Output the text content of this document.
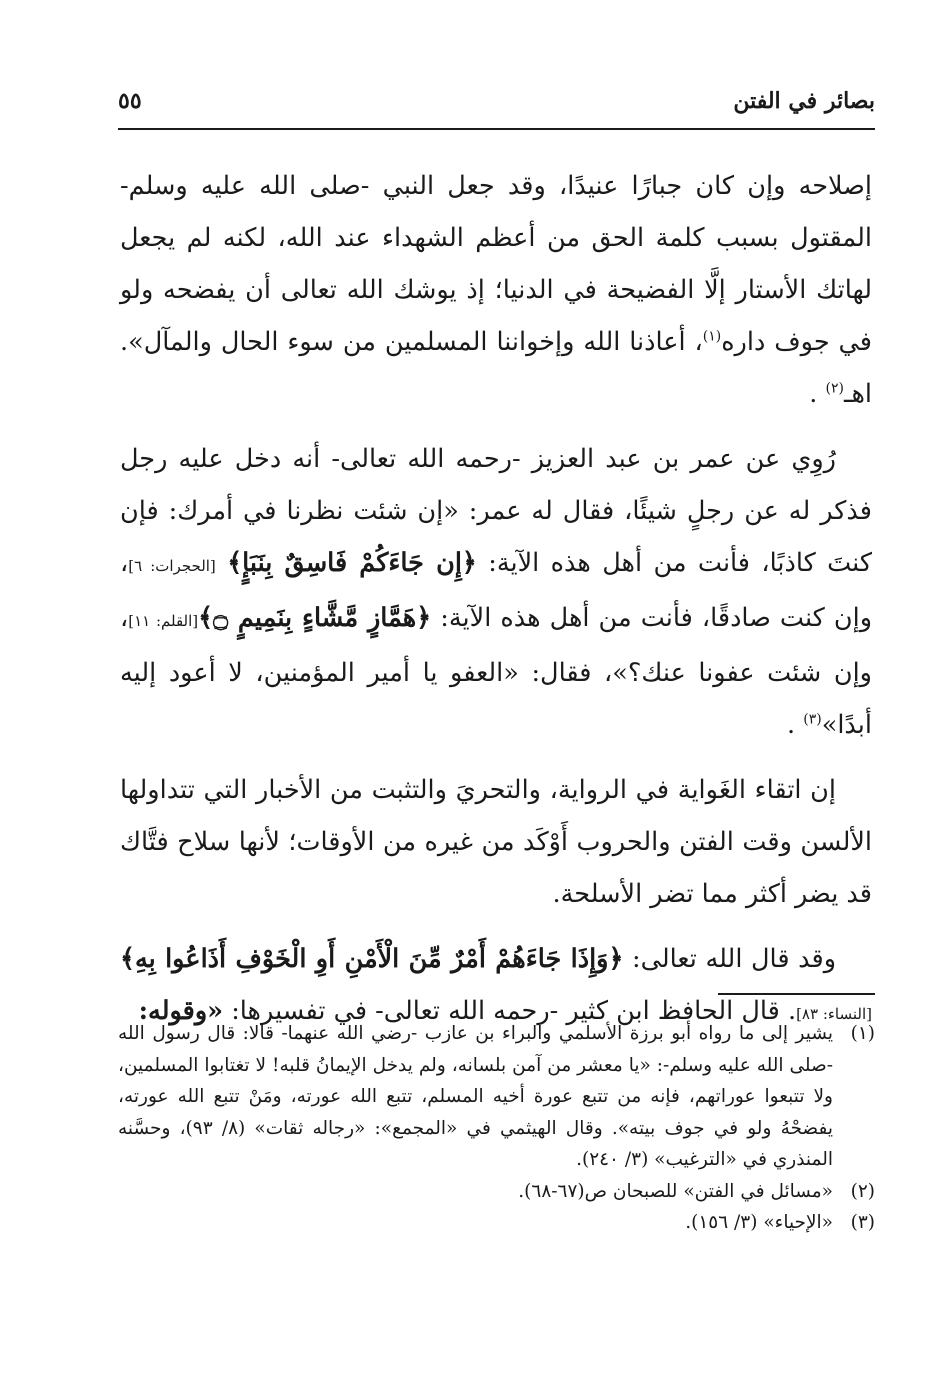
بصائر في الفتن
٥٥

إصلاحه وإن كان جبارًا عنيدًا، وقد جعل النبي -صلى الله عليه وسلم- المقتول بسبب كلمة الحق من أعظم الشهداء عند الله، لكنه لم يجعل لهاتك الأستار إلَّا الفضيحة في الدنيا؛ إذ يوشك الله تعالى أن يفضحه ولو في جوف داره$^{(١)}$، أعاذنا الله وإخواننا المسلمين من سوء الحال والمآل». اهـ$^{(٢)}$ .

رُوِي عن عمر بن عبد العزيز -رحمه الله تعالى- أنه دخل عليه رجل فذكر له عن رجلٍ شيئًا، فقال له عمر: «إن شئت نظرنا في أمرك: فإن كنتَ كاذبًا، فأنت من أهل هذه الآية: ﴿إِن جَاءَكُمْ فَاسِقٌ بِنَبَإٍ﴾ [الحجرات: ٦]، وإن كنت صادقًا، فأنت من أهل هذه الآية: ﴿هَمَّازٍ مَّشَّاءٍ بِنَمِيمٍ ۝﴾[القلم: ١١]، وإن شئت عفونا عنك؟»، فقال: «العفو يا أمير المؤمنين، لا أعود إليه أبدًا»$^{(٣)}$ .

إن اتقاء الغَواية في الرواية، والتحريَ والتثبت من الأخبار التي تتداولها الألسن وقت الفتن والحروب أَوْكَد من غيره من الأوقات؛ لأنها سلاح فتَّاك قد يضر أكثر مما تضر الأسلحة.

وقد قال الله تعالى: ﴿وَإِذَا جَاءَهُمْ أَمْرٌ مِّنَ الْأَمْنِ أَوِ الْخَوْفِ أَذَاعُوا بِهِ﴾ [النساء: ٨٣]. قال الحافظ ابن كثير -رحمه الله تعالى- في تفسيرها: «وقوله:

(١)
يشير إلى ما رواه أبو برزة الأسلمي والبراء بن عازب -رضي الله عنهما- قالا: قال رسول الله -صلى الله عليه وسلم-: «يا معشر من آمن بلسانه، ولم يدخل الإيمانُ قلبه! لا تغتابوا المسلمين، ولا تتبعوا عوراتهم، فإنه من تتبع عورة أخيه المسلم، تتبع الله عورته، ومَنْ تتبع الله عورته، يفضحْهُ ولو في جوف بيته». وقال الهيثمي في «المجمع»: «رجاله ثقات» (٨/ ٩٣)، وحسَّنه المنذري في «الترغيب» (٣/ ٢٤٠).
(٢)
«مسائل في الفتن» للصبحان ص(٦٧-٦٨).
(٣)
«الإحياء» (٣/ ١٥٦).
